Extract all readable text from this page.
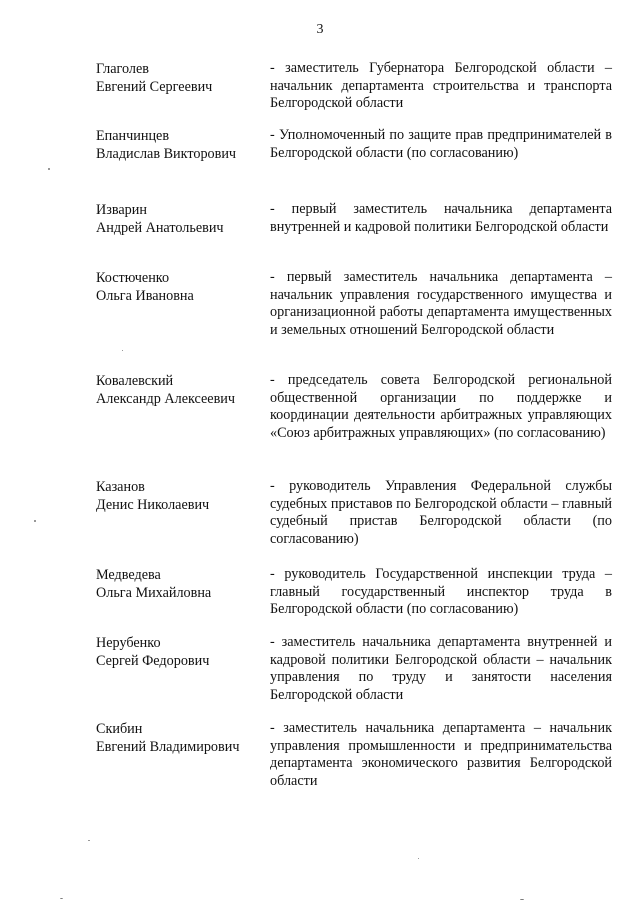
3
Глаголев
Евгений Сергеевич
- заместитель Губернатора Белгородской области – начальник департамента строительства и транспорта Белгородской области
Епанчинцев
Владислав Викторович
- Уполномоченный по защите прав предпринимателей в Белгородской области (по согласованию)
Изварин
Андрей Анатольевич
- первый заместитель начальника департамента внутренней и кадровой политики Белгородской области
Костюченко
Ольга Ивановна
- первый заместитель начальника департамента – начальник управления государственного имущества и организационной работы департамента имущественных и земельных отношений Белгородской области
Ковалевский
Александр Алексеевич
- председатель совета Белгородской региональной общественной организации по поддержке и координации деятельности арбитражных управляющих «Союз арбитражных управляющих» (по согласованию)
Казанов
Денис Николаевич
- руководитель Управления Федеральной службы судебных приставов по Белгородской области – главный судебный пристав Белгородской области (по согласованию)
Медведева
Ольга Михайловна
- руководитель Государственной инспекции труда – главный государственный инспектор труда в Белгородской области (по согласованию)
Нерубенко
Сергей Федорович
- заместитель начальника департамента внутренней и кадровой политики Белгородской области – начальник управления по труду и занятости населения Белгородской области
Скибин
Евгений Владимирович
- заместитель начальника департамента – начальник управления промышленности и предпринимательства департамента экономического развития Белгородской области
